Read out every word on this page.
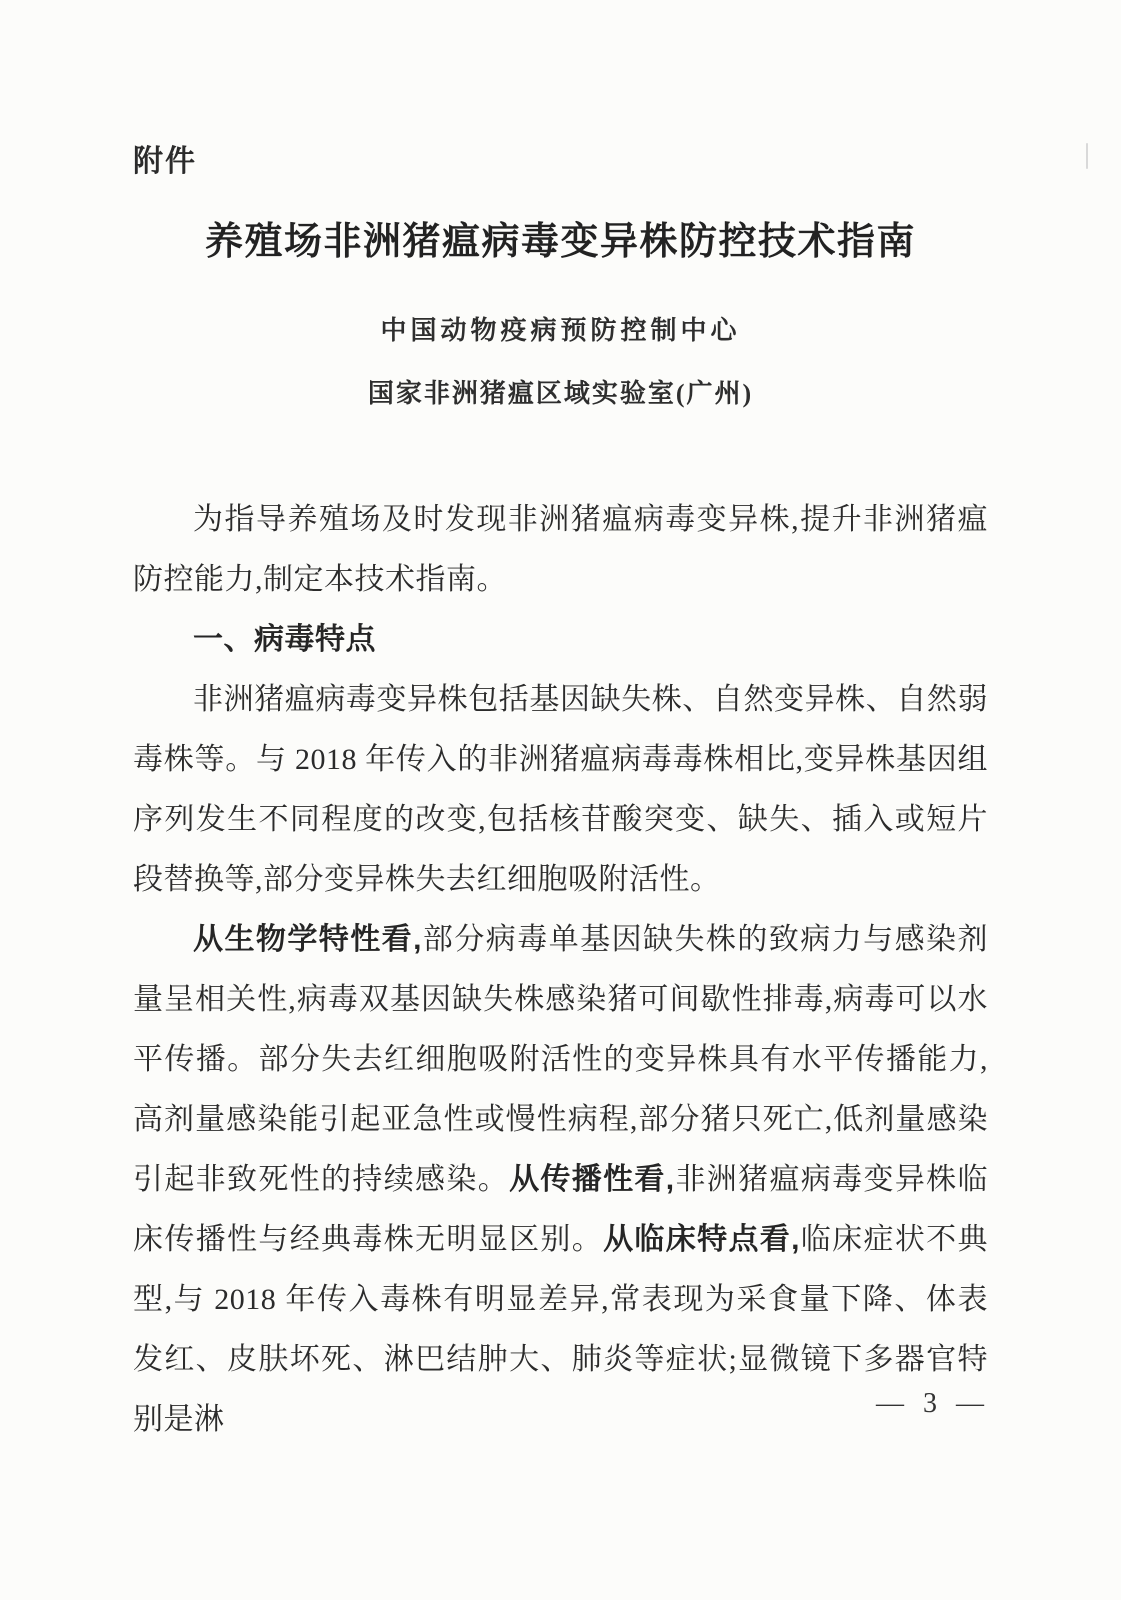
附件
养殖场非洲猪瘟病毒变异株防控技术指南
中国动物疫病预防控制中心
国家非洲猪瘟区域实验室(广州)

为指导养殖场及时发现非洲猪瘟病毒变异株,提升非洲猪瘟防控能力,制定本技术指南。

一、病毒特点

非洲猪瘟病毒变异株包括基因缺失株、自然变异株、自然弱毒株等。与 2018 年传入的非洲猪瘟病毒毒株相比,变异株基因组序列发生不同程度的改变,包括核苷酸突变、缺失、插入或短片段替换等,部分变异株失去红细胞吸附活性。

从生物学特性看,部分病毒单基因缺失株的致病力与感染剂量呈相关性,病毒双基因缺失株感染猪可间歇性排毒,病毒可以水平传播。部分失去红细胞吸附活性的变异株具有水平传播能力,高剂量感染能引起亚急性或慢性病程,部分猪只死亡,低剂量感染引起非致死性的持续感染。从传播性看,非洲猪瘟病毒变异株临床传播性与经典毒株无明显区别。从临床特点看,临床症状不典型,与 2018 年传入毒株有明显差异,常表现为采食量下降、体表发红、皮肤坏死、淋巴结肿大、肺炎等症状;显微镜下多器官特别是淋	— 3 —
